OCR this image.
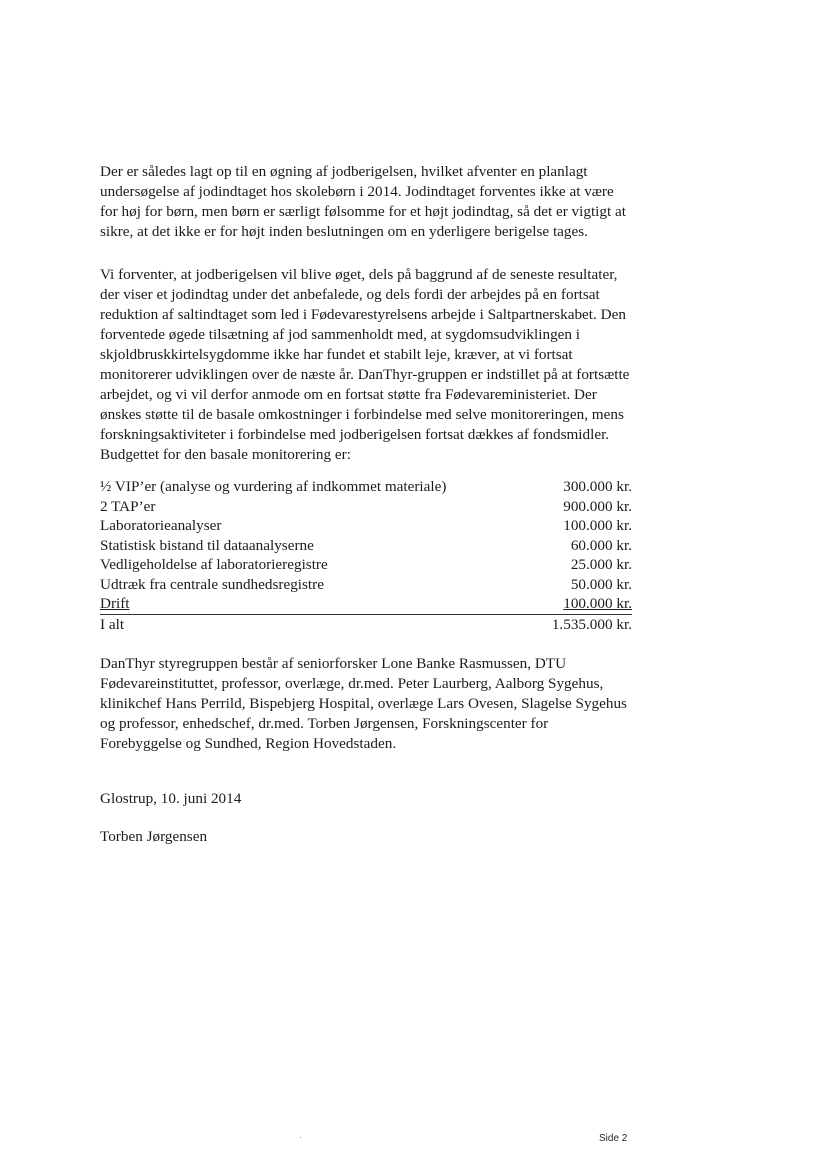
Der er således lagt op til en øgning af jodberigelsen, hvilket afventer en planlagt undersøgelse af jodindtaget hos skolebørn i 2014. Jodindtaget forventes ikke at være for høj for børn, men børn er særligt følsomme for et højt jodindtag, så det er vigtigt at sikre, at det ikke er for højt inden beslutningen om en yderligere berigelse tages.

Vi forventer, at jodberigelsen vil blive øget, dels på baggrund af de seneste resultater, der viser et jodindtag under det anbefalede, og dels fordi der arbejdes på en fortsat reduktion af saltindtaget som led i Fødevarestyrelsens arbejde i Saltpartnerskabet. Den forventede øgede tilsætning af jod sammenholdt med, at sygdomsudviklingen i skjoldbruskkirtelsygdomme ikke har fundet et stabilt leje, kræver, at vi fortsat monitorerer udviklingen over de næste år. DanThyr-gruppen er indstillet på at fortsætte arbejdet, og vi vil derfor anmode om en fortsat støtte fra Fødevareministeriet. Der ønskes støtte til de basale omkostninger i forbindelse med selve monitoreringen, mens forskningsaktiviteter i forbindelse med jodberigelsen fortsat dækkes af fondsmidler. Budgettet for den basale monitorering er:

½ VIP’er (analyse og vurdering af indkommet materiale)	300.000 kr.
2 TAP’er	900.000 kr.
Laboratorieanalyser	100.000 kr.
Statistisk bistand til dataanalyserne	60.000 kr.
Vedligeholdelse af laboratorieregistre	25.000 kr.
Udtræk fra centrale sundhedsregistre	50.000 kr.
Drift	100.000 kr.
I alt	1.535.000 kr.

DanThyr styregruppen består af seniorforsker Lone Banke Rasmussen, DTU Fødevareinstituttet, professor, overlæge, dr.med. Peter Laurberg, Aalborg Sygehus, klinikchef Hans Perrild, Bispebjerg Hospital, overlæge Lars Ovesen, Slagelse Sygehus og professor, enhedschef, dr.med. Torben Jørgensen, Forskningscenter for Forebyggelse og Sundhed, Region Hovedstaden.

Glostrup, 10. juni 2014

Torben Jørgensen

Side 2
